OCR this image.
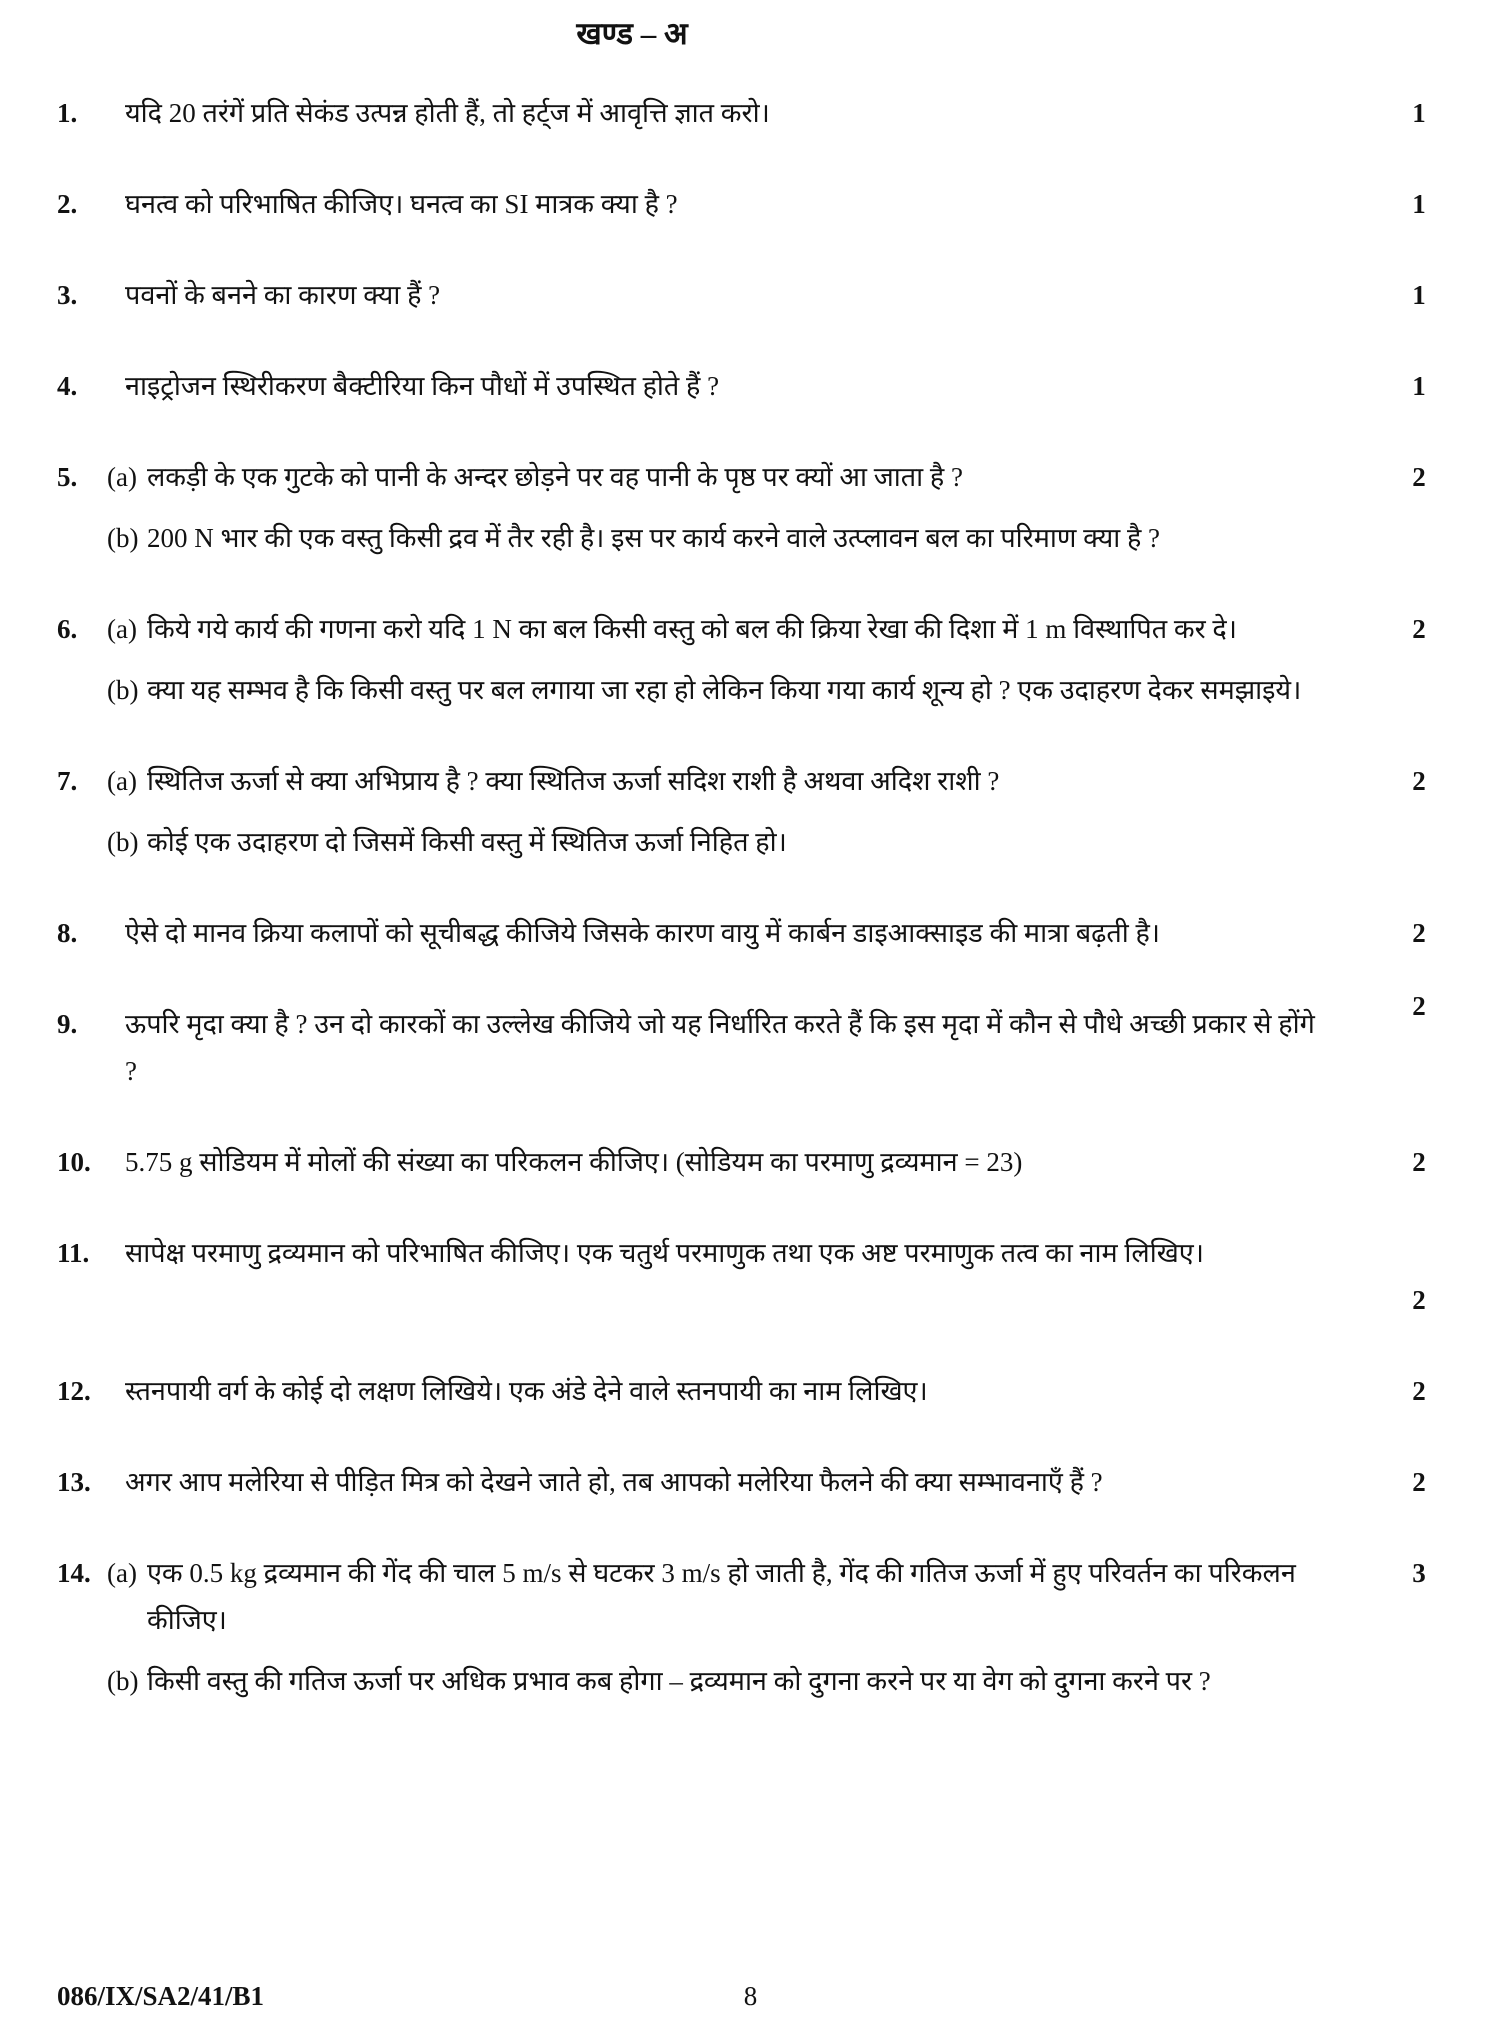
खण्ड – अ
1.	यदि 20 तरंगें प्रति सेकंड उत्पन्न होती हैं, तो हर्ट्ज में आवृत्ति ज्ञात करो।	1
2.	घनत्व को परिभाषित कीजिए। घनत्व का SI मात्रक क्या है ?	1
3.	पवनों के बनने का कारण क्या हैं ?	1
4.	नाइट्रोजन स्थिरीकरण बैक्टीरिया किन पौधों में उपस्थित होते हैं ?	1
5.	(a) लकड़ी के एक गुटके को पानी के अन्दर छोड़ने पर वह पानी के पृष्ठ पर क्यों आ जाता है ?
(b) 200 N भार की एक वस्तु किसी द्रव में तैर रही है। इस पर कार्य करने वाले उत्प्लावन बल का परिमाण क्या है ?
2
6.	(a) किये गये कार्य की गणना करो यदि 1 N का बल किसी वस्तु को बल की क्रिया रेखा की दिशा में 1 m विस्थापित कर दे।
(b) क्या यह सम्भव है कि किसी वस्तु पर बल लगाया जा रहा हो लेकिन किया गया कार्य शून्य हो ? एक उदाहरण देकर समझाइये।
2
7.	(a) स्थितिज ऊर्जा से क्या अभिप्राय है ? क्या स्थितिज ऊर्जा सदिश राशी है अथवा अदिश राशी ?
(b) कोई एक उदाहरण दो जिसमें किसी वस्तु में स्थितिज ऊर्जा निहित हो।
2
8.	ऐसे दो मानव क्रिया कलापों को सूचीबद्ध कीजिये जिसके कारण वायु में कार्बन डाइआक्साइड की मात्रा बढ़ती है।	2
9.	ऊपरि मृदा क्या है ? उन दो कारकों का उल्लेख कीजिये जो यह निर्धारित करते हैं कि इस मृदा में कौन से पौधे अच्छी प्रकार से होंगे ?
2
10.	5.75 g सोडियम में मोलों की संख्या का परिकलन कीजिए। (सोडियम का परमाणु द्रव्यमान = 23)	2
11.	सापेक्ष परमाणु द्रव्यमान को परिभाषित कीजिए। एक चतुर्थ परमाणुक तथा एक अष्ट परमाणुक तत्व का नाम लिखिए।
2
12.	स्तनपायी वर्ग के कोई दो लक्षण लिखिये। एक अंडे देने वाले स्तनपायी का नाम लिखिए।	2
13.	अगर आप मलेरिया से पीड़ित मित्र को देखने जाते हो, तब आपको मलेरिया फैलने की क्या सम्भावनाएँ हैं ?	2
14. (a) एक 0.5 kg द्रव्यमान की गेंद की चाल 5 m/s से घटकर 3 m/s हो जाती है, गेंद की गतिज ऊर्जा में हुए परिवर्तन का परिकलन कीजिए।
(b) किसी वस्तु की गतिज ऊर्जा पर अधिक प्रभाव कब होगा – द्रव्यमान को दुगना करने पर या वेग को दुगना करने पर ?
3
086/IX/SA2/41/B1	8
